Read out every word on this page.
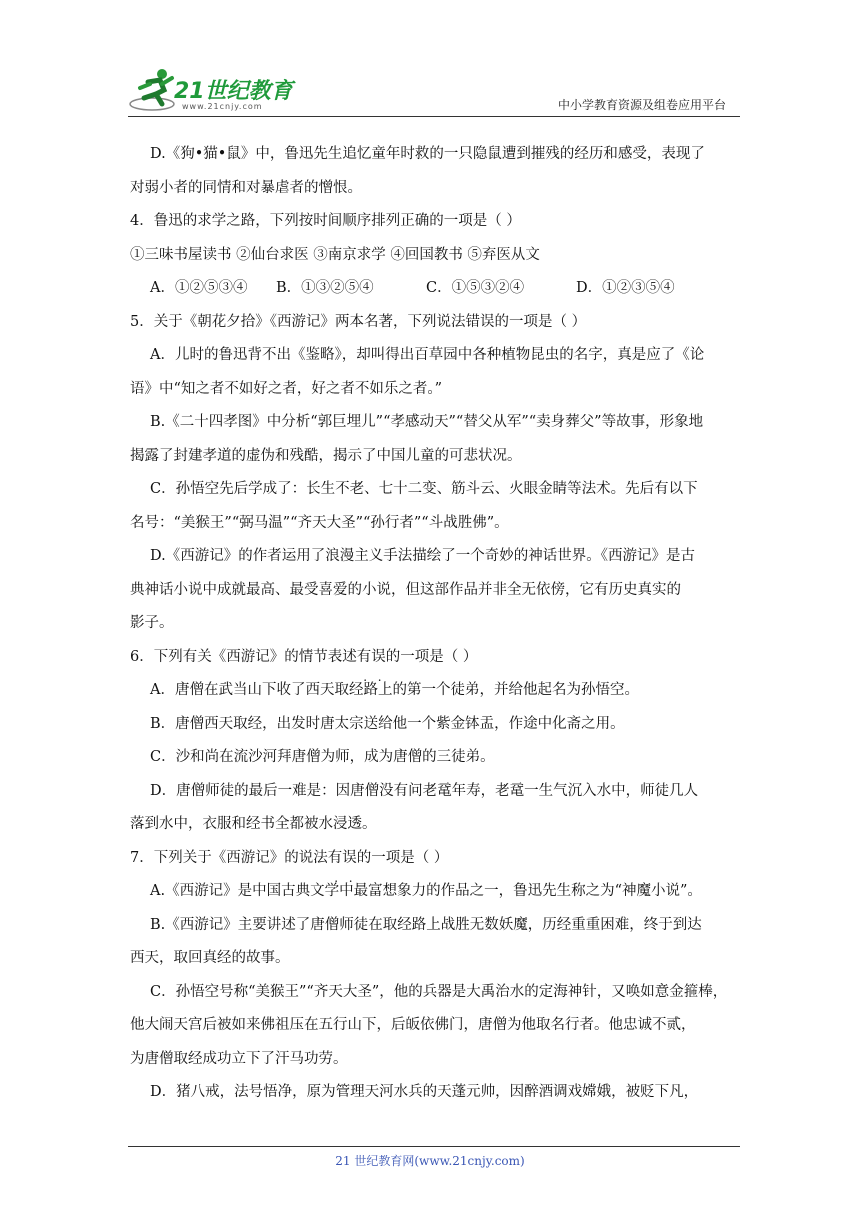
21世纪教育
www.21cnjy.com	中小学教育资源及组卷应用平台
D.《狗•猫•鼠》中，鲁迅先生追忆童年时救的一只隐鼠遭到摧残的经历和感受，表现了
对弱小者的同情和对暴虐者的憎恨。
4．鲁迅的求学之路，下列按时间顺序排列正确的一项是（ ）
①三味书屋读书 ②仙台求医 ③南京求学 ④回国教书 ⑤弃医从文
A．①②⑤③④ B．①③②⑤④	C．①⑤③②④	D．①②③⑤④
5．关于《朝花夕拾》《西游记》两本名著，下列说法错误的一项是（ ）
A．儿时的鲁迅背不出《鉴略》，却叫得出百草园中各种植物昆虫的名字，真是应了《论
语》中“知之者不如好之者，好之者不如乐之者。”
B.《二十四孝图》中分析“郭巨埋儿”“孝感动天”“替父从军”“卖身葬父”等故事，形象地
揭露了封建孝道的虚伪和残酷，揭示了中国儿童的可悲状况。
C．孙悟空先后学成了：长生不老、七十二变、筋斗云、火眼金睛等法术。先后有以下
名号：“美猴王”“弼马温”“齐天大圣”“孙行者”“斗战胜佛”。
D.《西游记》的作者运用了浪漫主义手法描绘了一个奇妙的神话世界。《西游记》是古
典神话小说中成就最高、最受喜爱的小说，但这部作品并非全无依傍，它有历史真实的
影子。
6．下列有关《西游记》的情节表述有误的一项是（ ）
A．唐僧在武当山下收了西天取经路上的第一个徒弟，并给他起名为孙悟空。
B．唐僧西天取经，出发时唐太宗送给他一个紫金钵盂，作途中化斋之用。
C．沙和尚在流沙河拜唐僧为师，成为唐僧的三徒弟。
D．唐僧师徒的最后一难是：因唐僧没有问老鼋年寿，老鼋一生气沉入水中，师徒几人
落到水中，衣服和经书全都被水浸透。
7．下列关于《西游记》的说法有误的一项是（ ）
A.《西游记》是中国古典文学中最富想象力的作品之一，鲁迅先生称之为“神魔小说”。
B.《西游记》主要讲述了唐僧师徒在取经路上战胜无数妖魔，历经重重困难，终于到达
西天，取回真经的故事。
C．孙悟空号称“美猴王”“齐天大圣”，他的兵器是大禹治水的定海神针，又唤如意金箍棒，
他大闹天宫后被如来佛祖压在五行山下，后皈依佛门，唐僧为他取名行者。他忠诚不贰，
为唐僧取经成功立下了汗马功劳。
D．猪八戒，法号悟净，原为管理天河水兵的天蓬元帅，因醉酒调戏嫦娥，被贬下凡，
21 世纪教育网(www.21cnjy.com)
